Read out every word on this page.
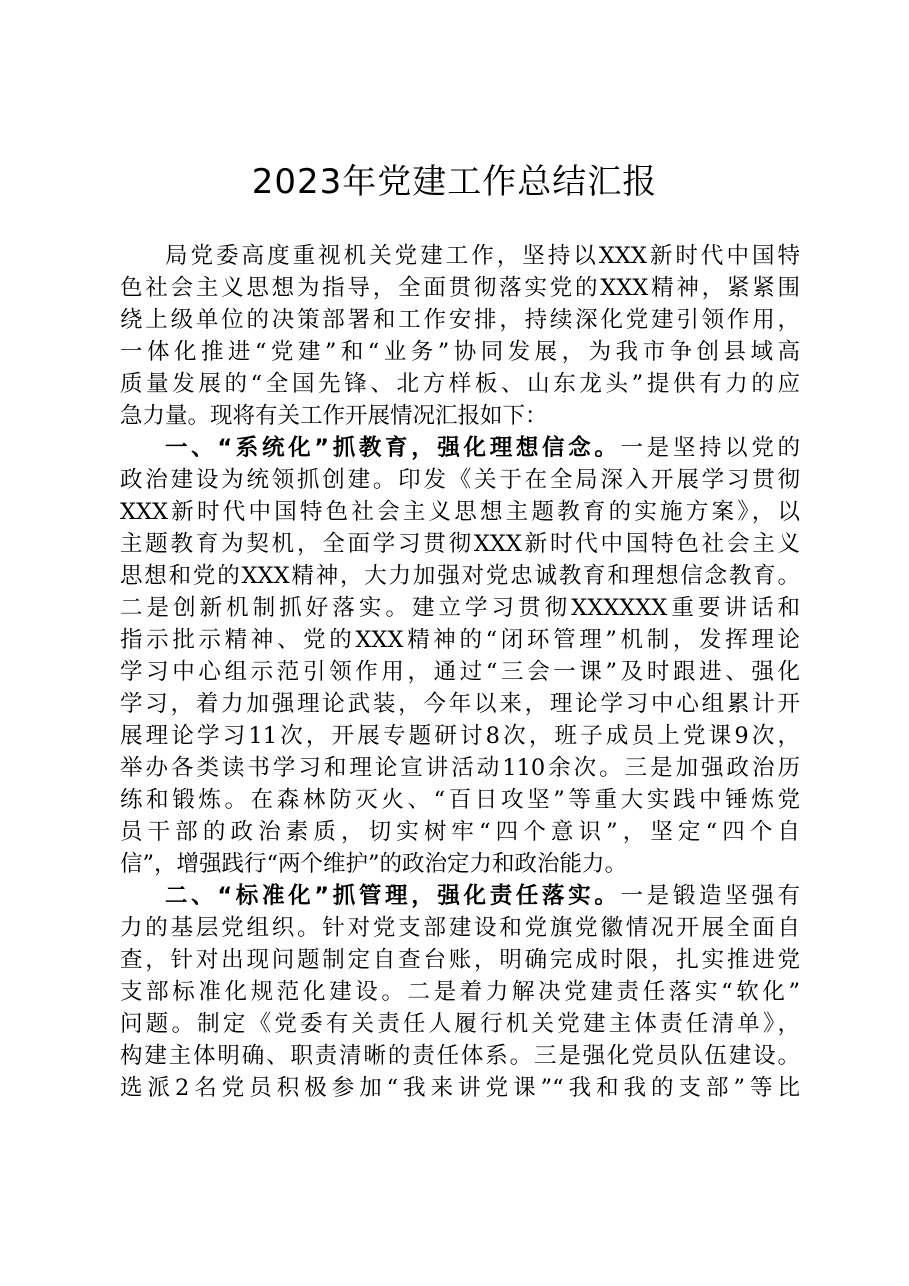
2023年党建工作总结汇报
局党委高度重视机关党建工作，坚持以XXX新时代中国特
色社会主义思想为指导，全面贯彻落实党的XXX精神，紧紧围
绕上级单位的决策部署和工作安排，持续深化党建引领作用，
一体化推进“党建”和“业务”协同发展，为我市争创县域高
质量发展的“全国先锋、北方样板、山东龙头”提供有力的应
急力量。现将有关工作开展情况汇报如下：
一、“系统化”抓教育，强化理想信念。一是坚持以党的
政治建设为统领抓创建。印发《关于在全局深入开展学习贯彻
XXX新时代中国特色社会主义思想主题教育的实施方案》，以
主题教育为契机，全面学习贯彻XXX新时代中国特色社会主义
思想和党的XXX精神，大力加强对党忠诚教育和理想信念教育。
二是创新机制抓好落实。建立学习贯彻XXXXXX重要讲话和
指示批示精神、党的XXX精神的“闭环管理”机制，发挥理论
学习中心组示范引领作用，通过“三会一课”及时跟进、强化
学习，着力加强理论武装，今年以来，理论学习中心组累计开
展理论学习11次，开展专题研讨8次，班子成员上党课9次，
举办各类读书学习和理论宣讲活动110余次。三是加强政治历
练和锻炼。在森林防灭火、“百日攻坚”等重大实践中锤炼党
员干部的政治素质，切实树牢“四个意识”，坚定“四个自
信”，增强践行“两个维护”的政治定力和政治能力。
二、“标准化”抓管理，强化责任落实。一是锻造坚强有
力的基层党组织。针对党支部建设和党旗党徽情况开展全面自
查，针对出现问题制定自查台账，明确完成时限，扎实推进党
支部标准化规范化建设。二是着力解决党建责任落实“软化”
问题。制定《党委有关责任人履行机关党建主体责任清单》，
构建主体明确、职责清晰的责任体系。三是强化党员队伍建设。
选派2名党员积极参加“我来讲党课”“我和我的支部”等比
